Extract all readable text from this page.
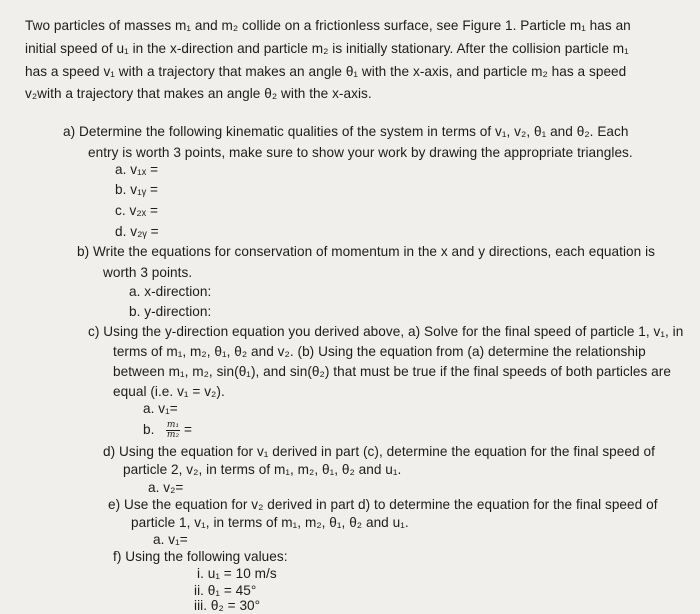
Two particles of masses m₁ and m₂ collide on a frictionless surface, see Figure 1. Particle m₁ has an
initial speed of u₁ in the x-direction and particle m₂ is initially stationary. After the collision particle m₁
has a speed v₁ with a trajectory that makes an angle θ₁ with the x-axis, and particle m₂ has a speed
v₂with a trajectory that makes an angle θ₂ with the x-axis.
a) Determine the following kinematic qualities of the system in terms of v₁, v₂, θ₁ and θ₂. Each
entry is worth 3 points, make sure to show your work by drawing the appropriate triangles.
a. v₁ₓ =
b. v₁ᵧ =
c. v₂ₓ =
d. v₂ᵧ =
b) Write the equations for conservation of momentum in the x and y directions, each equation is
worth 3 points.
a. x-direction:
b. y-direction:
c) Using the y-direction equation you derived above, a) Solve for the final speed of particle 1, v₁, in
terms of m₁, m₂, θ₁, θ₂ and v₂. (b) Using the equation from (a) determine the relationship
between m₁, m₂, sin(θ₁), and sin(θ₂) that must be true if the final speeds of both particles are
equal (i.e. v₁ = v₂).
a. v₁=
b. $\frac{\text{m₁}}{\text{m₂}}$ =
d) Using the equation for v₁ derived in part (c), determine the equation for the final speed of
particle 2, v₂, in terms of m₁, m₂, θ₁, θ₂ and u₁.
a. v₂=
e) Use the equation for v₂ derived in part d) to determine the equation for the final speed of
particle 1, v₁, in terms of m₁, m₂, θ₁, θ₂ and u₁.
a. v₁=
f) Using the following values:
i. u₁ = 10 m/s
ii. θ₁ = 45°
iii. θ₂ = 30°
